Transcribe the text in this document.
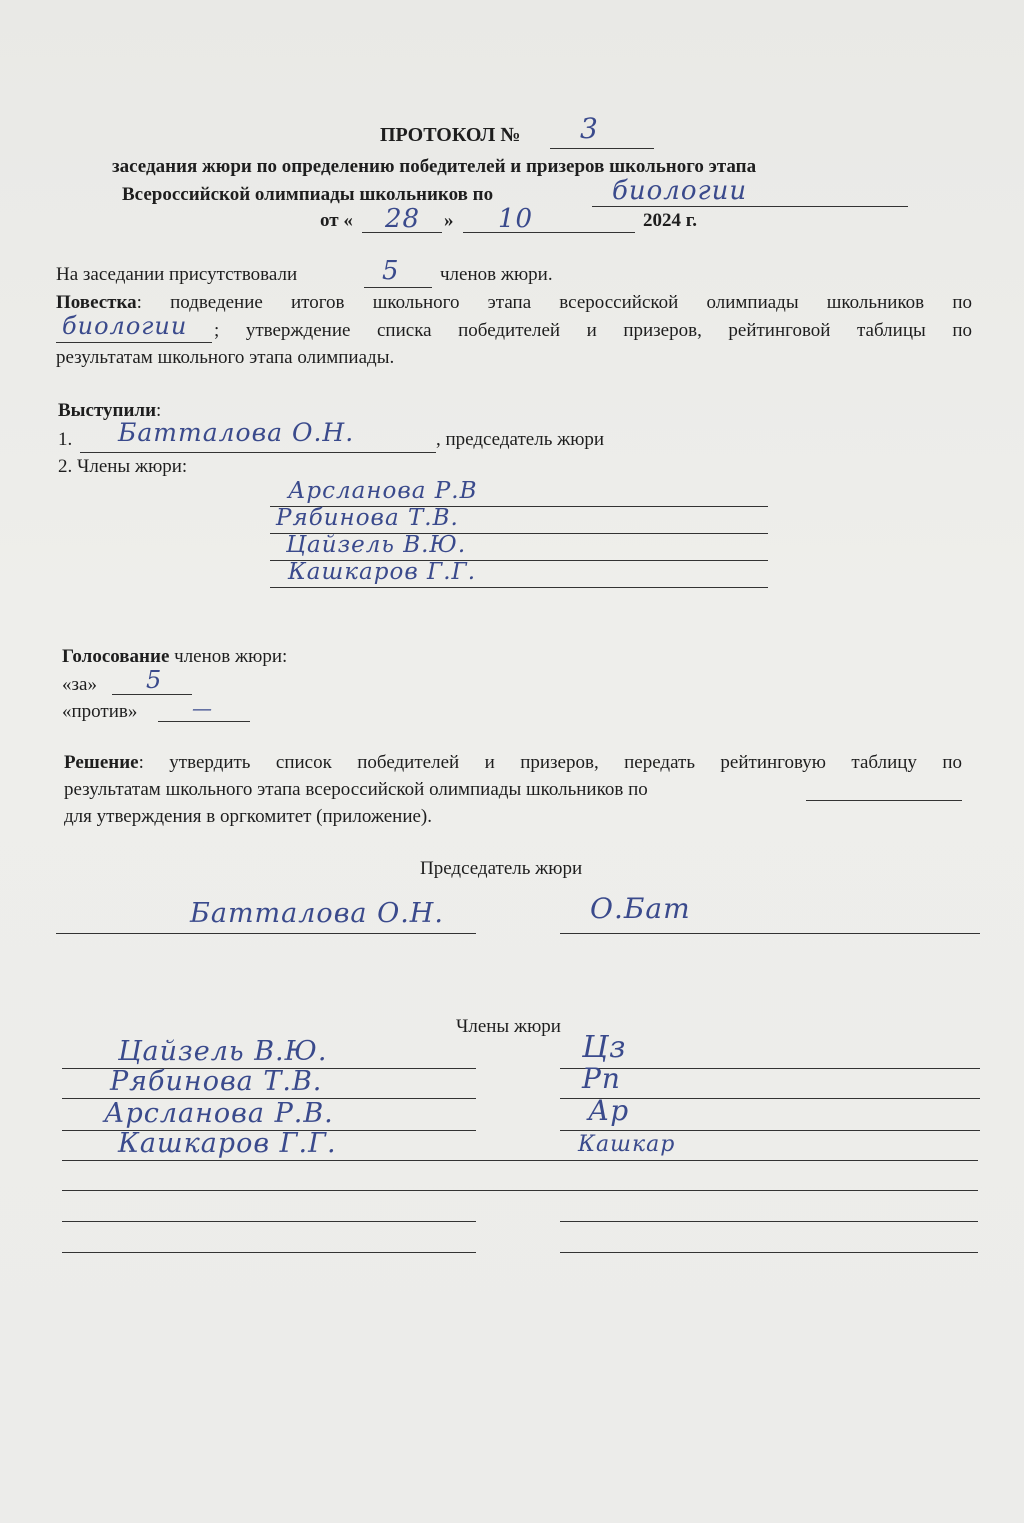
ПРОТОКОЛ № 3
заседания жюри по определению победителей и призеров школьного этапа
Всероссийской олимпиады школьников по	биологии
от « 28 » 10	2024 г.
На заседании присутствовали	5 членов жюри.
Повестка: подведение итогов школьного этапа всероссийской олимпиады школьников по
биологии ; утверждение списка победителей и призеров, рейтинговой таблицы по
результатам школьного этапа олимпиады.
Выступили:
1. Батталова О.Н.	, председатель жюри
2. Члены жюри:
Арсланова Р.В
Рябинова Т.В.
Цайзель В.Ю.
Кашкаров Г.Г.
Голосование членов жюри:
«за» 5
«против»	—
Решение: утвердить список победителей и призеров, передать рейтинговую таблицу по
результатам школьного этапа всероссийской олимпиады школьников по
для утверждения в оргкомитет (приложение).
Председатель жюри
Батталова О.Н.	О.Бат
Члены жюри
Цайзель В.Ю.	Цз
Рябинова Т.В.	Рп
Арсланова Р.В.	Ар
Кашкаров Г.Г.	Кашкар
